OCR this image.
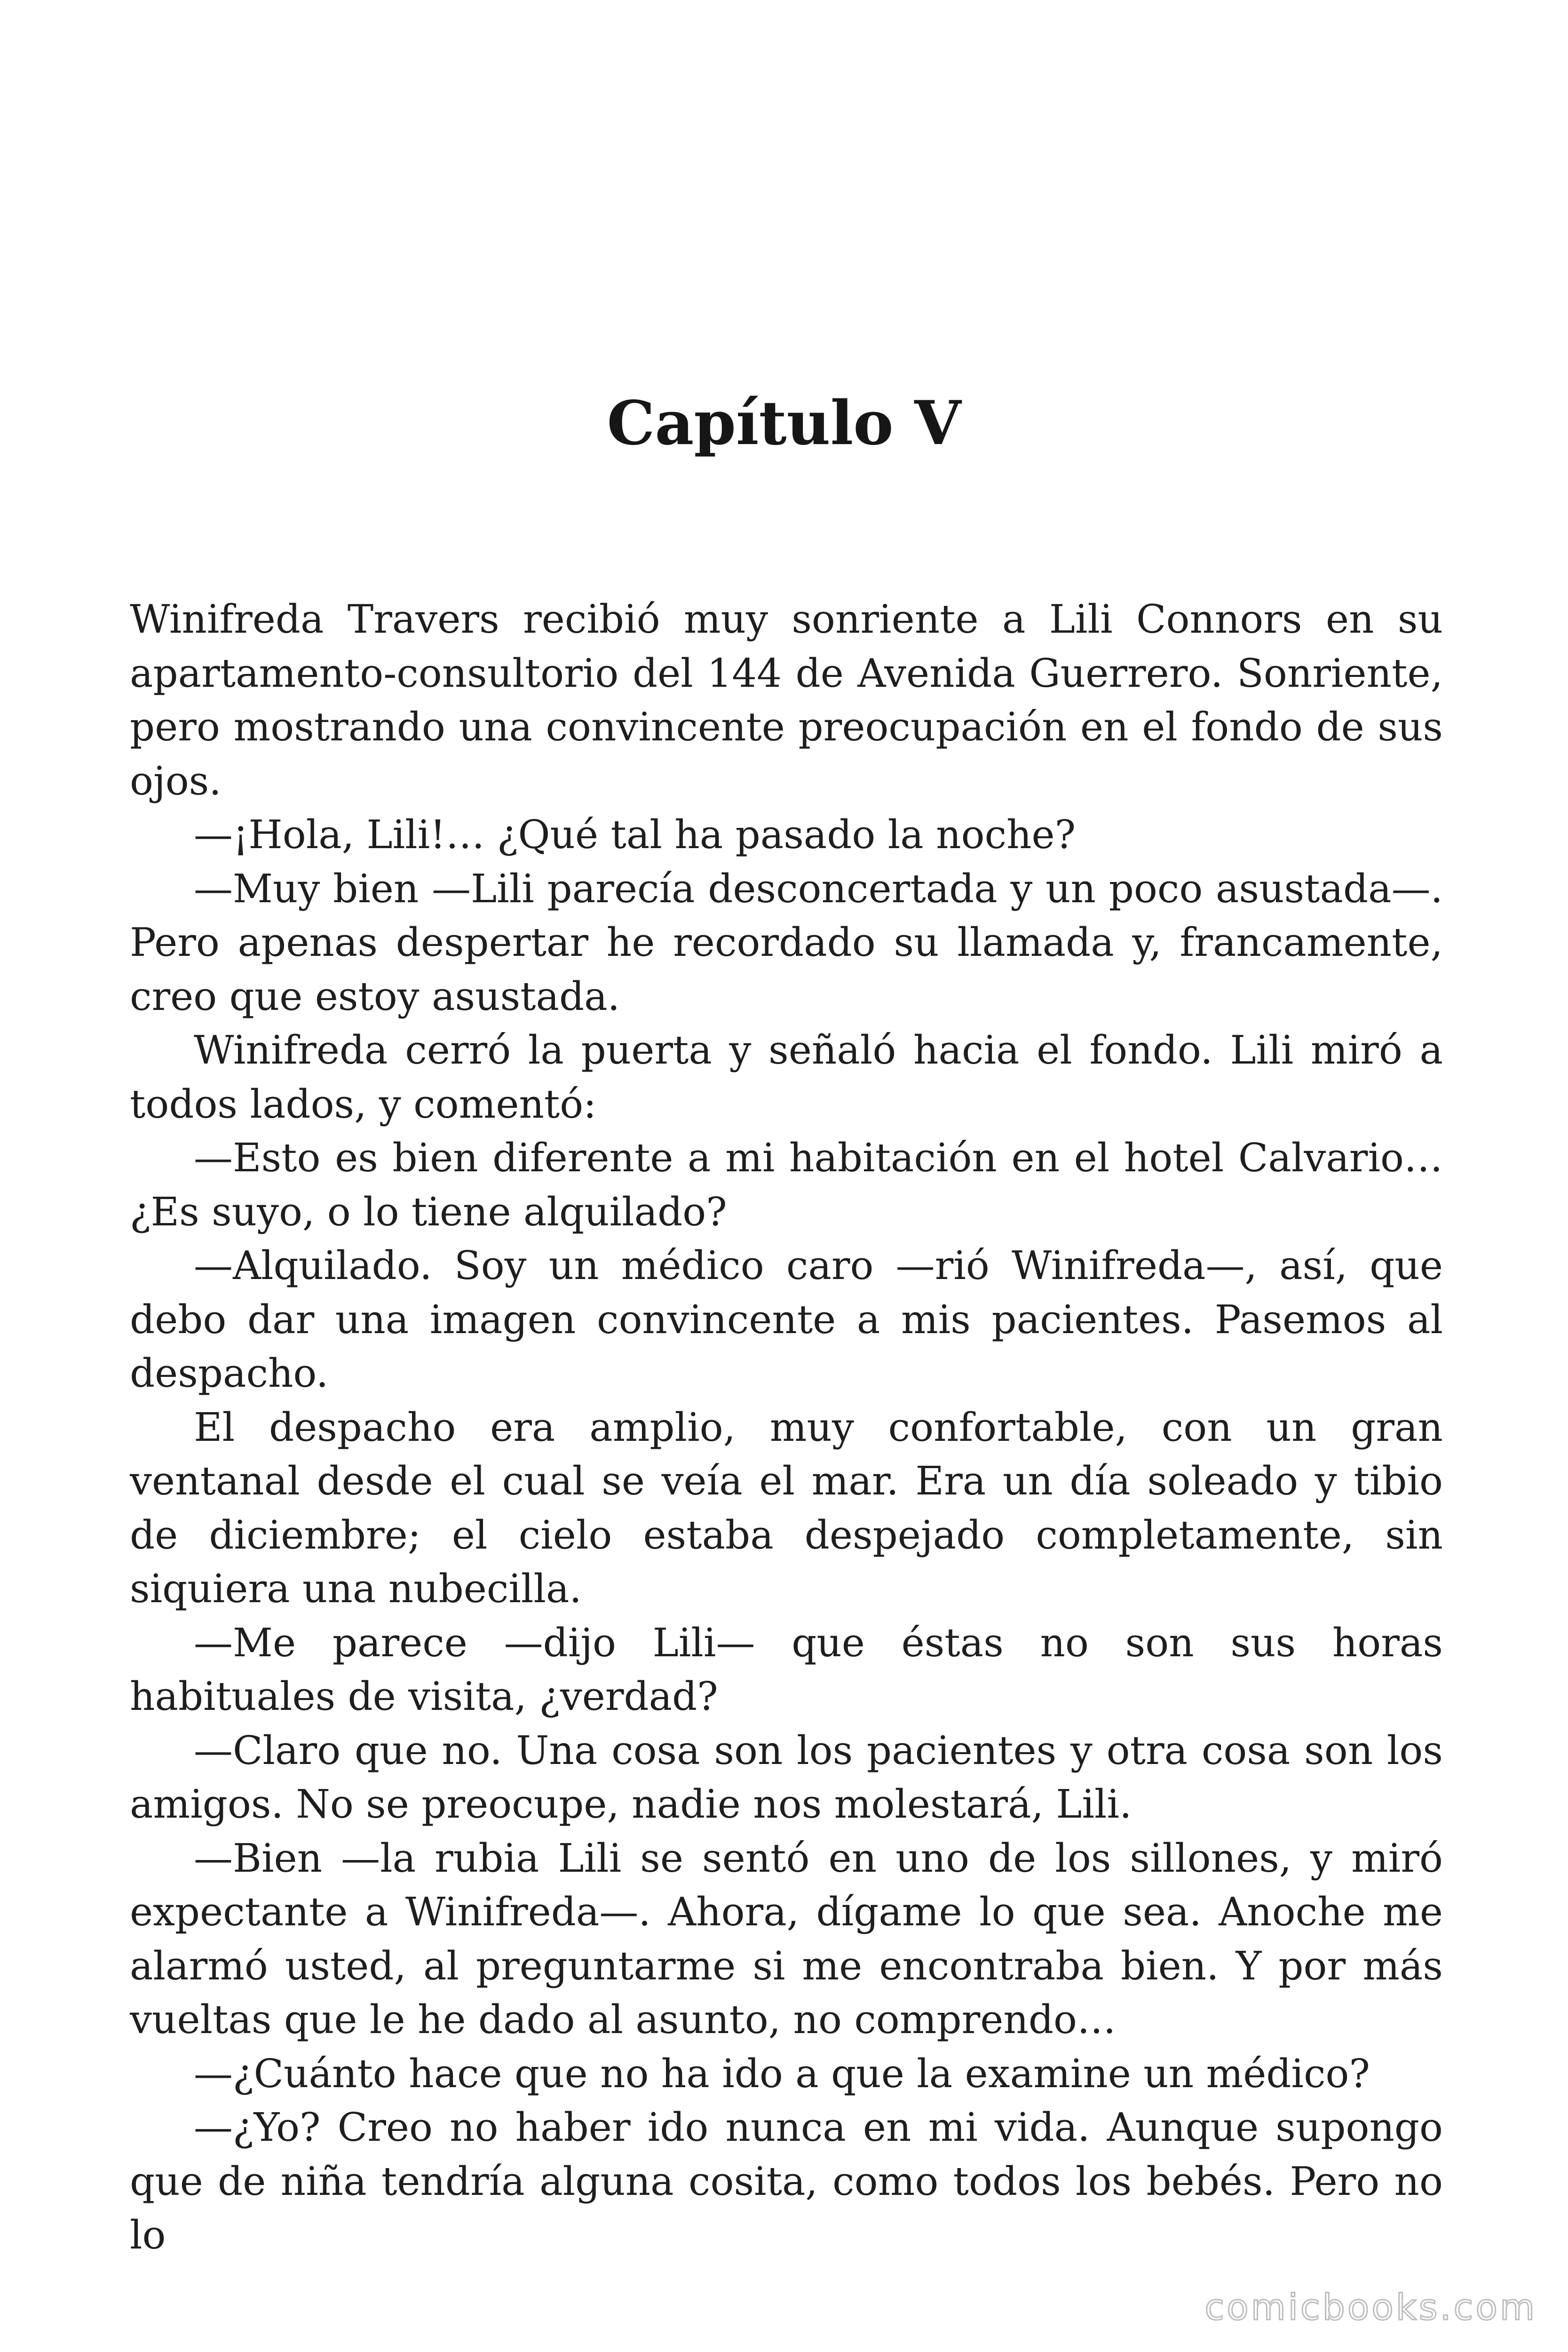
Capítulo V

Winifreda Travers recibió muy sonriente a Lili Connors en su apartamento-consultorio del 144 de Avenida Guerrero. Sonriente, pero mostrando una convincente preocupación en el fondo de sus ojos.

—¡Hola, Lili!… ¿Qué tal ha pasado la noche?

—Muy bien —Lili parecía desconcertada y un poco asustada—. Pero apenas despertar he recordado su llamada y, francamente, creo que estoy asustada.

Winifreda cerró la puerta y señaló hacia el fondo. Lili miró a todos lados, y comentó:

—Esto es bien diferente a mi habitación en el hotel Calvario… ¿Es suyo, o lo tiene alquilado?

—Alquilado. Soy un médico caro —rió Winifreda—, así, que debo dar una imagen convincente a mis pacientes. Pasemos al despacho.

El despacho era amplio, muy confortable, con un gran ventanal desde el cual se veía el mar. Era un día soleado y tibio de diciembre; el cielo estaba despejado completamente, sin siquiera una nubecilla.

—Me parece —dijo Lili— que éstas no son sus horas habituales de visita, ¿verdad?

—Claro que no. Una cosa son los pacientes y otra cosa son los amigos. No se preocupe, nadie nos molestará, Lili.

—Bien —la rubia Lili se sentó en uno de los sillones, y miró expectante a Winifreda—. Ahora, dígame lo que sea. Anoche me alarmó usted, al preguntarme si me encontraba bien. Y por más vueltas que le he dado al asunto, no comprendo…

—¿Cuánto hace que no ha ido a que la examine un médico?

—¿Yo? Creo no haber ido nunca en mi vida. Aunque supongo que de niña tendría alguna cosita, como todos los bebés. Pero no lo

comicbooks.com
